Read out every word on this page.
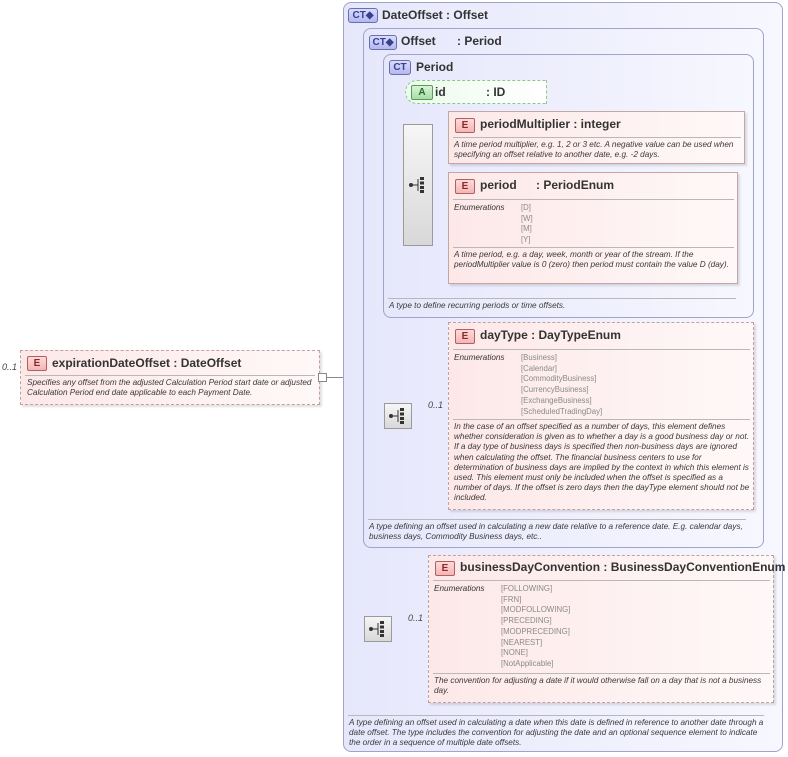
0..1	E expirationDateOffset : DateOffset
Specifies any offset from the adjusted Calculation Period start date or adjusted Calculation Period end date applicable to each Payment Date.
CT◆ DateOffset : Offset
A type defining an offset used in calculating a date when this date is defined in reference to another date through a date offset. The type includes the convention for adjusting the date and an optional sequence element to indicate the order in a sequence of multiple date offsets.
CT◆ Offset : Period
A type defining an offset used in calculating a new date relative to a reference date. E.g. calendar days, business days, Commodity Business days, etc..
CT Period
A type to define recurring periods or time offsets.
A id	: ID
E periodMultiplier : integer
A time period multiplier, e.g. 1, 2 or 3 etc. A negative value can be used when specifying an offset relative to another date, e.g. -2 days.
E period : PeriodEnum
Enumerations [D]
[W]
[M]
[Y]
A time period, e.g. a day, week, month or year of the stream. If the periodMultiplier value is 0 (zero) then period must contain the value D (day).
0..1
E dayType : DayTypeEnum
Enumerations [Business]
[Calendar]
[CommodityBusiness]
[CurrencyBusiness]
[ExchangeBusiness]
[ScheduledTradingDay]
In the case of an offset specified as a number of days, this element defines whether consideration is given as to whether a day is a good business day or not. If a day type of business days is specified then non-business days are ignored when calculating the offset. The financial business centers to use for determination of business days are implied by the context in which this element is used. This element must only be included when the offset is specified as a number of days. If the offset is zero days then the dayType element should not be included.
0..1
E businessDayConvention : BusinessDayConventionEnum
Enumerations [FOLLOWING]
[FRN]
[MODFOLLOWING]
[PRECEDING]
[MODPRECEDING]
[NEAREST]
[NONE]
[NotApplicable]
The convention for adjusting a date if it would otherwise fall on a day that is not a business day.
